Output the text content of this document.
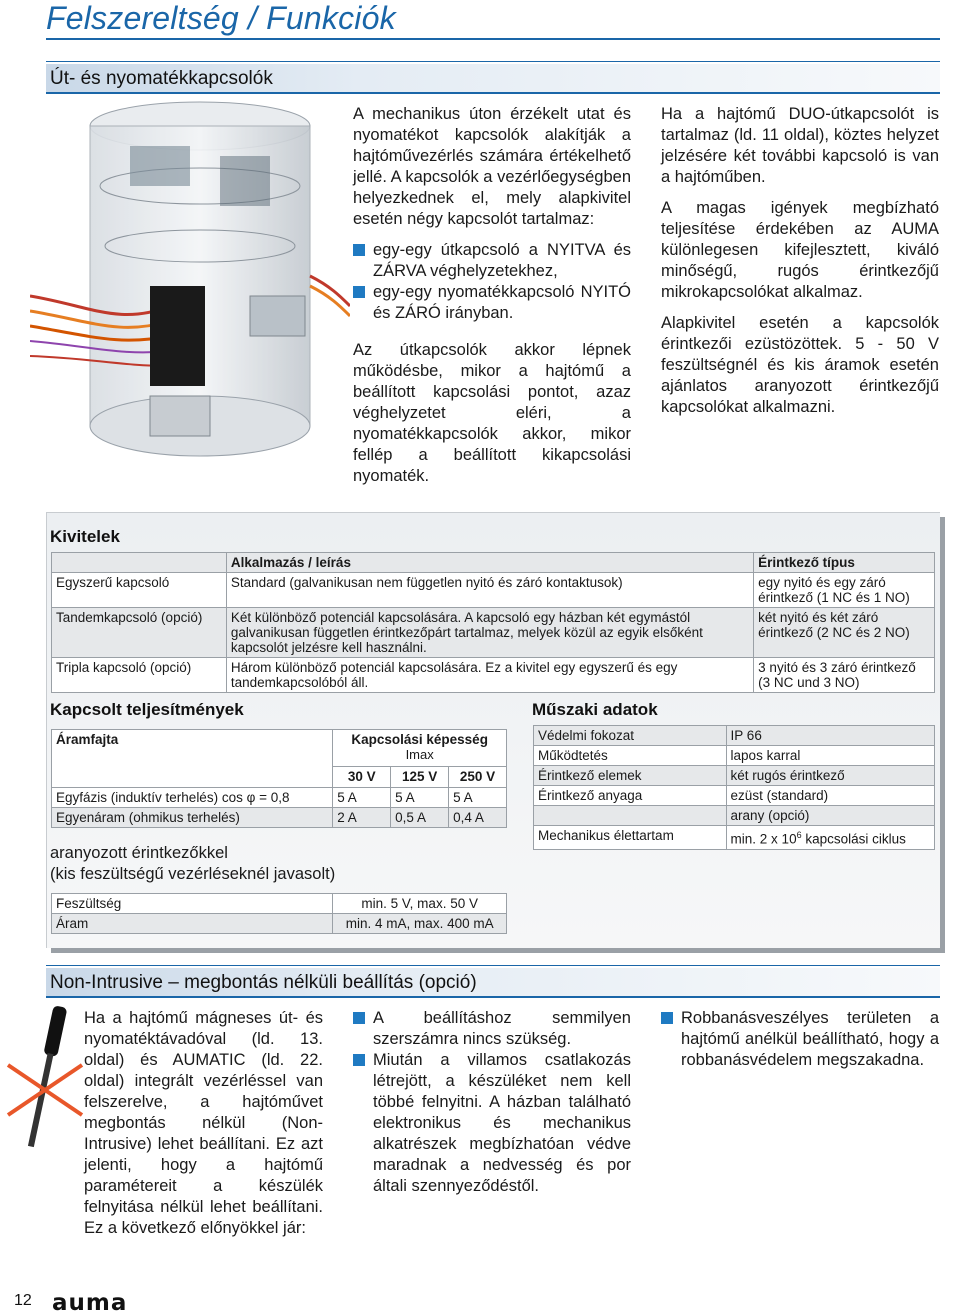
Felszereltség / Funkciók
Út- és nyomatékkapcsolók

A mechanikus úton érzékelt utat és nyomatékot kapcsolók alakítják a hajtóművezérlés számára értékelhető jellé. A kapcsolók a vezérlőegységben helyezkednek el, mely alapkivitel esetén négy kapcsolót tartalmaz:

egy-egy útkapcsoló a NYITVA és ZÁRVA véghelyzetekhez,
egy-egy nyomatékkapcsoló NYITÓ és ZÁRÓ irányban.

Az útkapcsolók akkor lépnek működésbe, mikor a hajtómű a beállított kapcsolási pontot, azaz véghelyzetet eléri, a nyomatékkapcsolók akkor, mikor fellép a beállított kikapcsolási nyomaték.

Ha a hajtómű DUO-útkapcsolót is tartalmaz (ld. 11 oldal), köztes helyzet jelzésére két további kapcsoló is van a hajtóműben.

A magas igények megbízható teljesítése érdekében az AUMA különlegesen kifejlesztett, kiváló minőségű, rugós érintkezőjű mikrokapcsolókat alkalmaz.

Alapkivitel esetén a kapcsolók érintkezői ezüstözöttek. 5 - 50 V feszültségnél és kis áramok esetén ajánlatos aranyozott érintkezőjű kapcsolókat alkalmazni.

Kivitelek
	Alkalmazás / leírás	Érintkező típus
Egyszerű kapcsoló	Standard (galvanikusan nem független nyitó és záró kontaktusok)	egy nyitó és egy záró érintkező (1 NC és 1 NO)
Tandemkapcsoló (opció)	Két különböző potenciál kapcsolására. A kapcsoló egy házban két egymástól galvanikusan független érintkezőpárt tartalmaz, melyek közül az egyik elsőként kapcsolót jelzésre kell használni.	két nyitó és két záró érintkező (2 NC és 2 NO)
Tripla kapcsoló (opció)	Három különböző potenciál kapcsolására. Ez a kivitel egy egyszerű és egy tandemkapcsolóból áll.	3 nyitó és 3 záró érintkező (3 NC und 3 NO)
Kapcsolt teljesítmények
Áramfajta	Kapcsolási képesség
Imax		

	30 V	125 V	250 V
Egyfázis (induktív terhelés) cos φ = 0,8	5 A	5 A	5 A
Egyenáram (ohmikus terhelés)	2 A	0,5 A	0,4 A
aranyozott érintkezőkkel
(kis feszültségű vezérléseknél javasolt)
Feszültség	min. 5 V, max. 50 V
Áram	min. 4 mA, max. 400 mA
Műszaki adatok
Védelmi fokozat	IP 66
Működtetés	lapos karral
Érintkező elemek	két rugós érintkező
Érintkező anyaga	ezüst (standard)
	arany (opció)
Mechanikus élettartam	min. 2 x $10^6$ kapcsolási ciklus
Non-Intrusive – megbontás nélküli beállítás (opció)

Ha a hajtómű mágneses út- és nyomatéktávadóval (ld. 13. oldal) és AUMATIC (ld. 22. oldal) integrált vezérléssel van felszerelve, a hajtóművet megbontás nélkül (Non-Intrusive) lehet beállítani. Ez azt jelenti, hogy a hajtómű paramétereit a készülék felnyitása nélkül lehet beállítani. Ez a következő előnyökkel jár:

A beállításhoz semmilyen szerszámra nincs szükség.
Miután a villamos csatlakozás létrejött, a készüléket nem kell többé felnyitni. A házban található elektronikus és mechanikus alkatrészek megbízhatóan védve maradnak a nedvesség és por általi szennyeződéstől.
Robbanásveszélyes területen a hajtómű anélkül beállítható, hogy a robbanásvédelem megszakadna.
12 auma
